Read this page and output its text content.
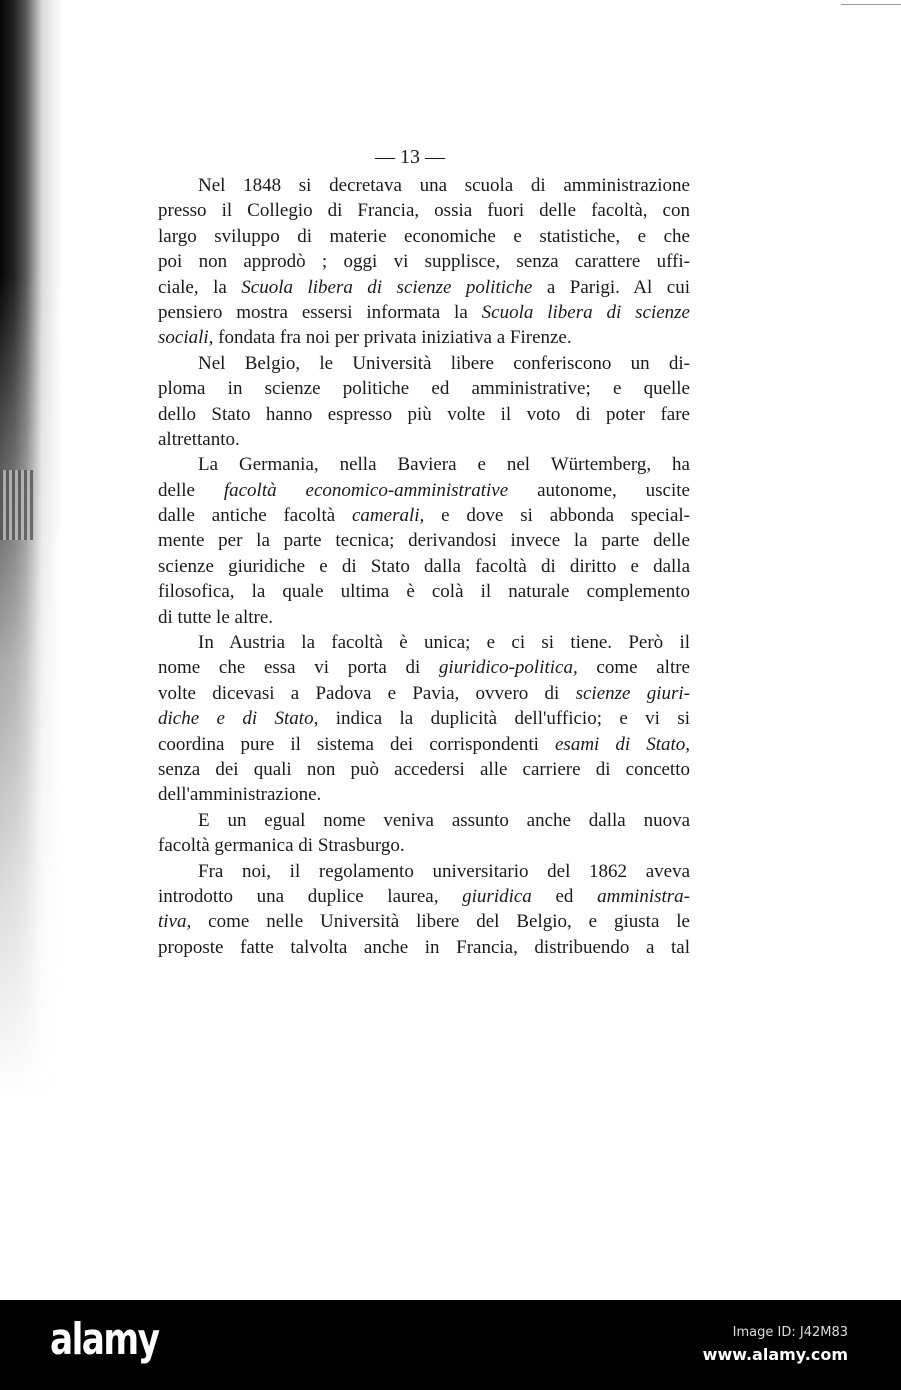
— 13 —
Nel 1848 si decretava una scuola di amministrazione
presso il Collegio di Francia, ossia fuori delle facoltà, con
largo sviluppo di materie economiche e statistiche, e che
poi non approdò ; oggi vi supplisce, senza carattere uffi-
ciale, la Scuola libera di scienze politiche a Parigi. Al cui
pensiero mostra essersi informata la Scuola libera di scienze
sociali, fondata fra noi per privata iniziativa a Firenze.
Nel Belgio, le Università libere conferiscono un di-
ploma in scienze politiche ed amministrative; e quelle
dello Stato hanno espresso più volte il voto di poter fare
altrettanto.
La Germania, nella Baviera e nel Würtemberg, ha
delle facoltà economico-amministrative autonome, uscite
dalle antiche facoltà camerali, e dove si abbonda special-
mente per la parte tecnica; derivandosi invece la parte delle
scienze giuridiche e di Stato dalla facoltà di diritto e dalla
filosofica, la quale ultima è colà il naturale complemento
di tutte le altre.
In Austria la facoltà è unica; e ci si tiene. Però il
nome che essa vi porta di giuridico-politica, come altre
volte dicevasi a Padova e Pavia, ovvero di scienze giuri-
diche e di Stato, indica la duplicità dell'ufficio; e vi si
coordina pure il sistema dei corrispondenti esami di Stato,
senza dei quali non può accedersi alle carriere di concetto
dell'amministrazione.
E un egual nome veniva assunto anche dalla nuova
facoltà germanica di Strasburgo.
Fra noi, il regolamento universitario del 1862 aveva
introdotto una duplice laurea, giuridica ed amministra-
tiva, come nelle Università libere del Belgio, e giusta le
proposte fatte talvolta anche in Francia, distribuendo a tal
alamy	Image ID: J42M83
www.alamy.com
